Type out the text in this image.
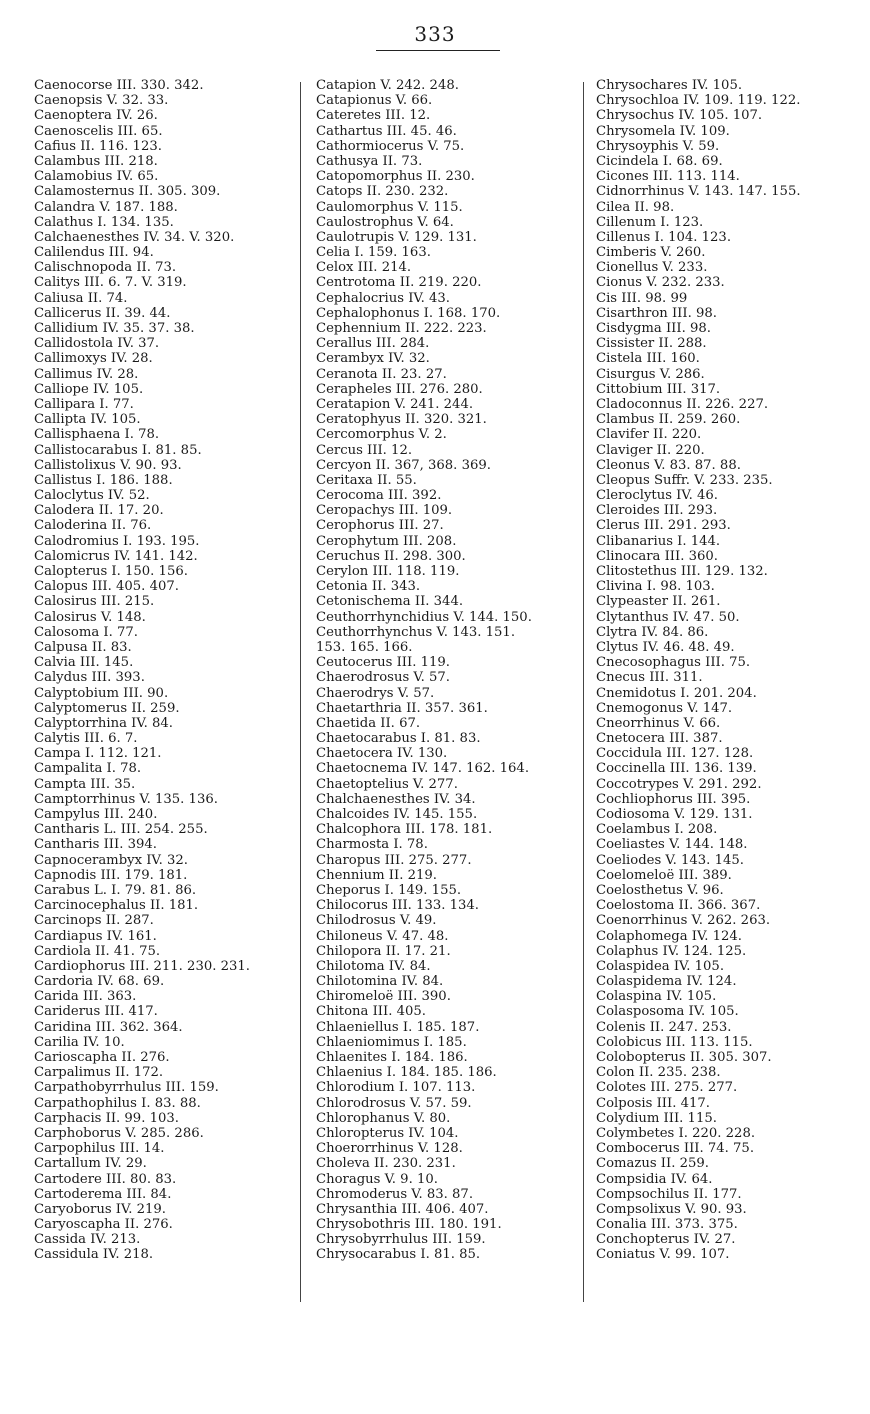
333
Caenocorse III. 330. 342.
Caenopsis V. 32. 33.
Caenoptera IV. 26.
Caenoscelis III. 65.
Cafius II. 116. 123.
Calambus III. 218.
Calamobius IV. 65.
Calamosternus II. 305. 309.
Calandra V. 187. 188.
Calathus I. 134. 135.
Calchaenesthes IV. 34. V. 320.
Calilendus III. 94.
Calischnopoda II. 73.
Calitys III. 6. 7. V. 319.
Caliusa II. 74.
Callicerus II. 39. 44.
Callidium IV. 35. 37. 38.
Callidostola IV. 37.
Callimoxys IV. 28.
Callimus IV. 28.
Calliope IV. 105.
Callipara I. 77.
Callipta IV. 105.
Callisphaena I. 78.
Callistocarabus I. 81. 85.
Callistolixus V. 90. 93.
Callistus I. 186. 188.
Caloclytus IV. 52.
Calodera II. 17. 20.
Caloderina II. 76.
Calodromius I. 193. 195.
Calomicrus IV. 141. 142.
Calopterus I. 150. 156.
Calopus III. 405. 407.
Calosirus III. 215.
Calosirus V. 148.
Calosoma I. 77.
Calpusa II. 83.
Calvia III. 145.
Calydus III. 393.
Calyptobium III. 90.
Calyptomerus II. 259.
Calyptorrhina IV. 84.
Calytis III. 6. 7.
Campa I. 112. 121.
Campalita I. 78.
Campta III. 35.
Camptorrhinus V. 135. 136.
Campylus III. 240.
Cantharis L. III. 254. 255.
Cantharis III. 394.
Capnocerambyx IV. 32.
Capnodis III. 179. 181.
Carabus L. I. 79. 81. 86.
Carcinocephalus II. 181.
Carcinops II. 287.
Cardiapus IV. 161.
Cardiola II. 41. 75.
Cardiophorus III. 211. 230. 231.
Cardoria IV. 68. 69.
Carida III. 363.
Cariderus III. 417.
Caridina III. 362. 364.
Carilia IV. 10.
Carioscapha II. 276.
Carpalimus II. 172.
Carpathobyrrhulus III. 159.
Carpathophilus I. 83. 88.
Carphacis II. 99. 103.
Carphoborus V. 285. 286.
Carpophilus III. 14.
Cartallum IV. 29.
Cartodere III. 80. 83.
Cartoderema III. 84.
Caryoborus IV. 219.
Caryoscapha II. 276.
Cassida IV. 213.
Cassidula IV. 218.
Catapion V. 242. 248.
Catapionus V. 66.
Cateretes III. 12.
Cathartus III. 45. 46.
Cathormiocerus V. 75.
Cathusya II. 73.
Catopomorphus II. 230.
Catops II. 230. 232.
Caulomorphus V. 115.
Caulostrophus V. 64.
Caulotrupis V. 129. 131.
Celia I. 159. 163.
Celox III. 214.
Centrotoma II. 219. 220.
Cephalocrius IV. 43.
Cephalophonus I. 168. 170.
Cephennium II. 222. 223.
Cerallus III. 284.
Cerambyx IV. 32.
Ceranota II. 23. 27.
Cerapheles III. 276. 280.
Ceratapion V. 241. 244.
Ceratophyus II. 320. 321.
Cercomorphus V. 2.
Cercus III. 12.
Cercyon II. 367, 368. 369.
Ceritaxa II. 55.
Cerocoma III. 392.
Ceropachys III. 109.
Cerophorus III. 27.
Cerophytum III. 208.
Ceruchus II. 298. 300.
Cerylon III. 118. 119.
Cetonia II. 343.
Cetonischema II. 344.
Ceuthorrhynchidius V. 144. 150.
Ceuthorrhynchus V. 143. 151.
153. 165. 166.
Ceutocerus III. 119.
Chaerodrosus V. 57.
Chaerodrys V. 57.
Chaetarthria II. 357. 361.
Chaetida II. 67.
Chaetocarabus I. 81. 83.
Chaetocera IV. 130.
Chaetocnema IV. 147. 162. 164.
Chaetoptelius V. 277.
Chalchaenesthes IV. 34.
Chalcoides IV. 145. 155.
Chalcophora III. 178. 181.
Charmosta I. 78.
Charopus III. 275. 277.
Chennium II. 219.
Cheporus I. 149. 155.
Chilocorus III. 133. 134.
Chilodrosus V. 49.
Chiloneus V. 47. 48.
Chilopora II. 17. 21.
Chilotoma IV. 84.
Chilotomina IV. 84.
Chiromeloë III. 390.
Chitona III. 405.
Chlaeniellus I. 185. 187.
Chlaeniomimus I. 185.
Chlaenites I. 184. 186.
Chlaenius I. 184. 185. 186.
Chlorodium I. 107. 113.
Chlorodrosus V. 57. 59.
Chlorophanus V. 80.
Chloropterus IV. 104.
Choerorrhinus V. 128.
Choleva II. 230. 231.
Choragus V. 9. 10.
Chromoderus V. 83. 87.
Chrysanthia III. 406. 407.
Chrysobothris III. 180. 191.
Chrysobyrrhulus III. 159.
Chrysocarabus I. 81. 85.
Chrysochares IV. 105.
Chrysochloa IV. 109. 119. 122.
Chrysochus IV. 105. 107.
Chrysomela IV. 109.
Chrysoyphis V. 59.
Cicindela I. 68. 69.
Cicones III. 113. 114.
Cidnorrhinus V. 143. 147. 155.
Cilea II. 98.
Cillenum I. 123.
Cillenus I. 104. 123.
Cimberis V. 260.
Cionellus V. 233.
Cionus V. 232. 233.
Cis III. 98. 99
Cisarthron III. 98.
Cisdygma III. 98.
Cissister II. 288.
Cistela III. 160.
Cisurgus V. 286.
Cittobium III. 317.
Cladoconnus II. 226. 227.
Clambus II. 259. 260.
Clavifer II. 220.
Claviger II. 220.
Cleonus V. 83. 87. 88.
Cleopus Suffr. V. 233. 235.
Cleroclytus IV. 46.
Cleroides III. 293.
Clerus III. 291. 293.
Clibanarius I. 144.
Clinocara III. 360.
Clitostethus III. 129. 132.
Clivina I. 98. 103.
Clypeaster II. 261.
Clytanthus IV. 47. 50.
Clytra IV. 84. 86.
Clytus IV. 46. 48. 49.
Cnecosophagus III. 75.
Cnecus III. 311.
Cnemidotus I. 201. 204.
Cnemogonus V. 147.
Cneorrhinus V. 66.
Cnetocera III. 387.
Coccidula III. 127. 128.
Coccinella III. 136. 139.
Coccotrypes V. 291. 292.
Cochliophorus III. 395.
Codiosoma V. 129. 131.
Coelambus I. 208.
Coeliastes V. 144. 148.
Coeliodes V. 143. 145.
Coelomeloë III. 389.
Coelosthetus V. 96.
Coelostoma II. 366. 367.
Coenorrhinus V. 262. 263.
Colaphomega IV. 124.
Colaphus IV. 124. 125.
Colaspidea IV. 105.
Colaspidema IV. 124.
Colaspina IV. 105.
Colasposoma IV. 105.
Colenis II. 247. 253.
Colobicus III. 113. 115.
Colobopterus II. 305. 307.
Colon II. 235. 238.
Colotes III. 275. 277.
Colposis III. 417.
Colydium III. 115.
Colymbetes I. 220. 228.
Combocerus III. 74. 75.
Comazus II. 259.
Compsidia IV. 64.
Compsochilus II. 177.
Compsolixus V. 90. 93.
Conalia III. 373. 375.
Conchopterus IV. 27.
Coniatus V. 99. 107.
